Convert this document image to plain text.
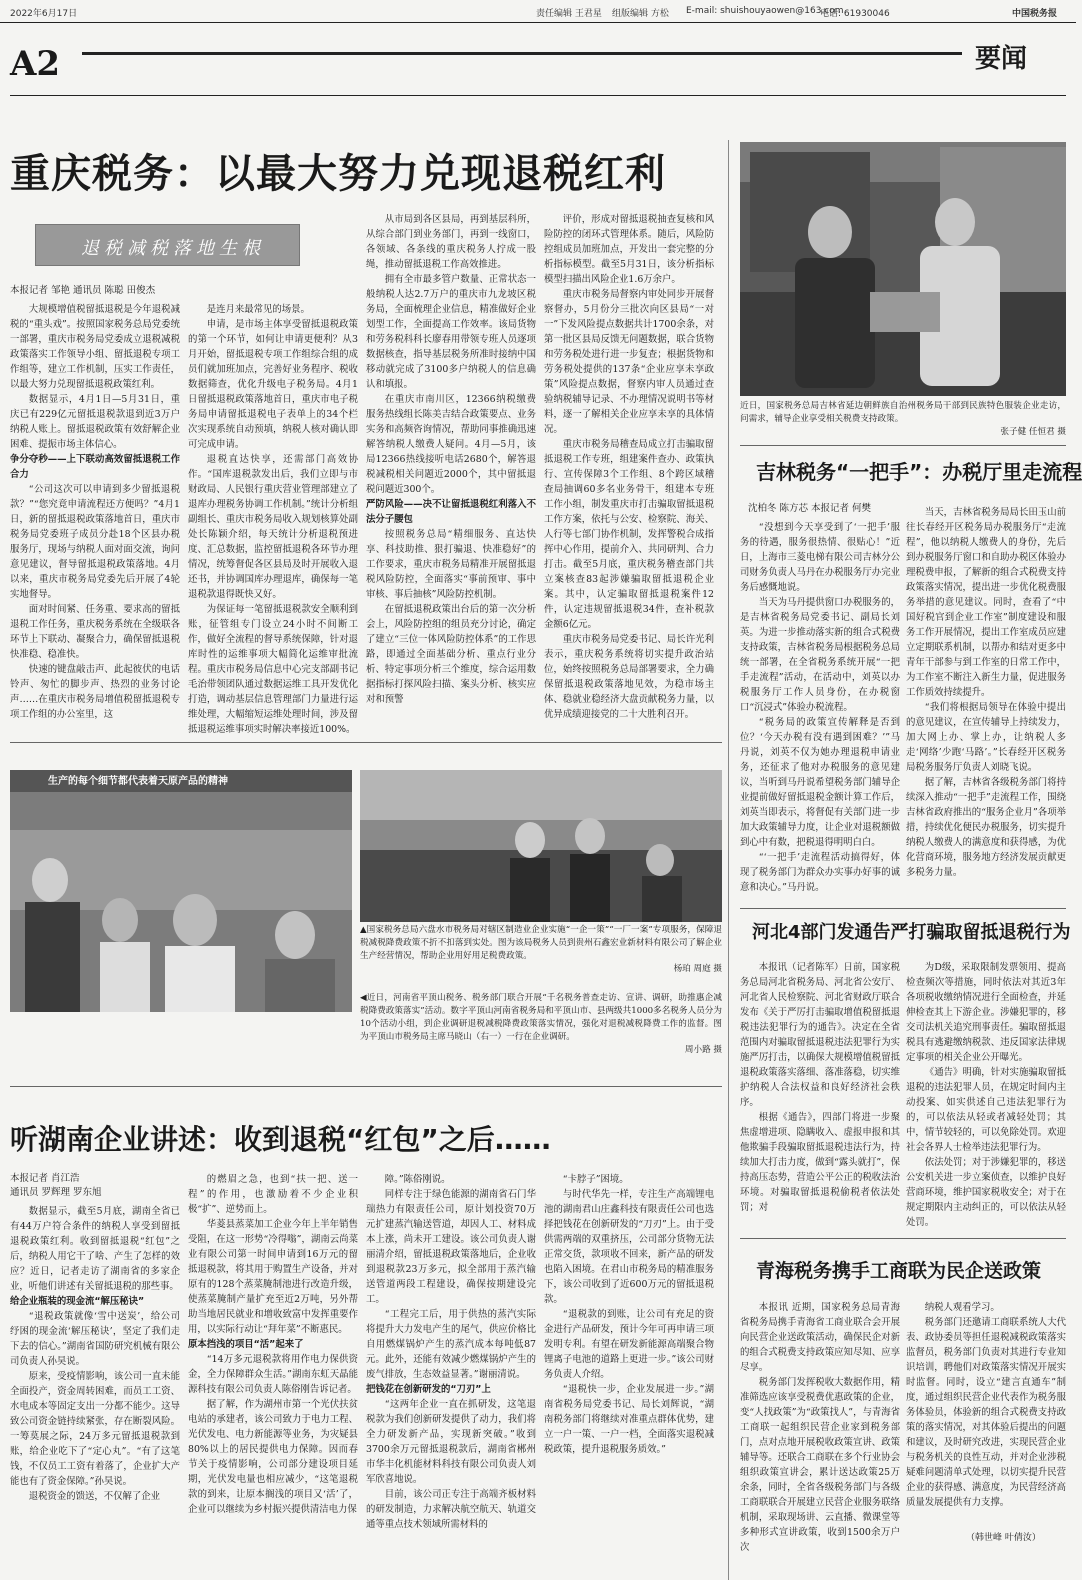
2022年6月17日	责任编辑 王君星 组版编辑 方松 E-mail: shuishouyaowen@163.com
电话: 61930046	中国税务报
A2	要闻
重庆税务：以最大努力兑现退税红利
退税减税落地生根
本报记者 邹艳 通讯员 陈聪 田俊杰

大规模增值税留抵退税是今年退税减税的“重头戏”。按照国家税务总局党委统一部署，重庆市税务局党委成立退税减税政策落实工作领导小组、留抵退税专项工作组等，建立工作机制，压实工作责任，以最大努力兑现留抵退税政策红利。

数据显示，4月1日—5月31日，重庆已有229亿元留抵退税款退到近3万户纳税人账上。留抵退税政策有效舒解企业困难、提振市场主体信心。

争分夺秒——上下联动高效留抵退税工作合力

“公司这次可以申请到多少留抵退税款？”“您究竟申请流程还方便吗？”4月1日，新的留抵退税政策落地首日，重庆市税务局党委班子成员分赴18个区县办税服务厅，现场与纳税人面对面交流，询问意见建议，督导留抵退税政策落地。4月以来，重庆市税务局党委先后开展了4轮实地督导。

面对时间紧、任务重、要求高的留抵退税工作任务，重庆税务系统在全级联各环节上下联动、凝聚合力，确保留抵退税快准稳、稳准快。

快速的键盘敲击声、此起彼伏的电话铃声、匆忙的脚步声、热烈的业务讨论声……在重庆市税务局增值税留抵退税专项工作组的办公室里，这

是连月来最常见的场景。

申请，是市场主体享受留抵退税政策的第一个环节，如何让申请更便利？从3月开始，留抵退税专项工作组综合组的成员们就加班加点，完善好业务程序、税收数据筛查，优化升级电子税务局。4月1日留抵退税政策落地首日，重庆市电子税务局申请留抵退税电子表单上的34个栏次实现系统自动预填，纳税人核对确认即可完成申请。

退税直达快享，还需部门高效协作。“国库退税款发出后，我们立即与市财政局、人民银行重庆营业管理部建立了退库办理税务协调工作机制。”统计分析组副组长、重庆市税务局收入规划核算处副处长陈颖介绍，每天统计分析退税预进度、汇总数据，监控留抵退税各环节办理情况，统筹督促各区县局及时开展收入退还书，并协调国库办理退库，确保每一笔退税款退得既快又好。

为保证每一笔留抵退税款安全顺利到账，征管组专门设立24小时不间断工作，做好全流程的督导系统保障，针对退库时性的运维事项大幅简化运维审批流程。重庆市税务局信息中心完支部副书记毛治带领团队通过数据运维工具开发优化打造，调动基层信息管理部门力量进行运维处理，大幅缩短运维处理时间，涉及留抵退税运维事项实时解决率接近100%。

从市局到各区县局，再到基层科所，从综合部门到业务部门，再到一线窗口，各领域、各条线的重庆税务人拧成一股绳，推动留抵退税工作高效推进。

拥有全市最多管户数量、正常状态一般纳税人达2.7万户的重庆市九龙坡区税务局，全面梳理企业信息，精准做好企业划型工作，全面提高工作效率。该局货物和劳务税科科长廖春用带领专班人员逐项数据核查，指导基层税务所准时接纳中国移动就完成了3100多户纳税人的信息确认和填报。

在重庆市南川区，12366纳税缴费服务热线组长陈美吉结合政策要点、业务实务和高频咨询情况，帮助同事推确迅速解答纳税人缴费人疑问。4月—5月，该局12366热线接听电话2680个，解答退税减税相关问题近2000个，其中留抵退税问题近300个。

严防风险——决不让留抵退税红利落入不法分子腰包

按照税务总局“精细服务、直达快享、科技助推、狠打骗退、快准稳好”的工作要求，重庆市税务局精准开展留抵退税风险防控，全面落实“事前预审、事中审核、事后抽核”风险防控机制。

在留抵退税政策出台后的第一次分析会上，风险防控组的组员充分讨论，确定了建立“三位一体风险防控体系”的工作思路，即通过全面基础分析、重点行业分析、特定事项分析三个维度，综合运用数据指标打探风险扫描、案头分析、核实应对和预警

评价，形成对留抵退税抽查复核和风险防控的闭环式管理体系。随后，风险防控组成员加班加点，开发出一套完整的分析指标模型。截至5月31日，该分析指标模型扫描出风险企业1.6万余户。

重庆市税务局督察内审处同步开展督察督办，5月份分三批次向区县局“一对一”下发风险提点数据共计1700余条，对第一批区县局反馈无问题数据，联合货物和劳务税处进行进一步复查；根据货物和劳务税处提供的137条“企业应享未享政策”风险提点数据，督察内审人员通过查验纳税辅导记录、不办理情况说明书等材料，逐一了解相关企业应享未享的具体情况。

重庆市税务局稽查局成立打击骗取留抵退税工作专班，组建案件查办、政策执行、宣传保障3个工作组、8个跨区域稽查局抽调60多名业务骨干，组建本专班工作小组，制发重庆市打击骗取留抵退税工作方案，依托与公安、检察院、海关、人行等七部门协作机制，发挥警税合成指挥中心作用，提前介入、共同研判、合力打击。截至5月底，重庆税务稽查部门共立案核查83起涉嫌骗取留抵退税企业案。其中，认定骗取留抵退税案件12件，认定违规留抵退税34件，查补税款金额6亿元。

重庆市税务局党委书记、局长许光利表示，重庆税务系统将切实提升政治站位，始终按照税务总局部署要求，全力确保留抵退税政策落地见效，为稳市场主体、稳就业稳经济大盘贡献税务力量，以优异成绩迎接党的二十大胜利召开。

近日，国家税务总局吉林省延边朝鲜族自治州税务局干部到民族特色服装企业走访，问需求，辅导企业享受相关税费支持政策。
张子健 任恒君 摄
吉林税务“一把手”：办税厅里走流程
沈柏冬 陈方芯 本报记者 何樊

“没想到今天享受到了‘一把手’服务的待遇，服务很热情、很贴心！”近日，上海市三菱电梯有限公司吉林分公司财务负责人马丹在办税服务厅办完业务后感慨地说。

当天为马丹提供窗口办税服务的，是吉林省税务局党委书记、副局长刘英。为进一步推动落实新的组合式税费支持政策，吉林省税务局根据税务总局统一部署，在全省税务系统开展“一把手走流程”活动，在活动中，刘英以办税服务厅工作人员身份，在办税窗口“沉浸式”体验办税流程。

“税务局的政策宣传解释是否到位？‘今天办税有没有遇到困难？’”马丹说，刘英不仅为她办理退税申请业务，还征求了他对办税服务的意见建议，当听到马丹说希望税务部门辅导企业提前做好留抵退税金额计算工作后，刘英当即表示，将督促有关部门进一步加大政策辅导力度，让企业对退税额做到心中有数，把税退得明明白白。

“‘一把手’走流程活动搞得好，体现了税务部门为群众办实事办好事的诚意和决心。”马丹说。

当天，吉林省税务局局长田玉山前往长春经开区税务局办税服务厅“走流程”，他以纳税人缴费人的身份，先后到办税服务厅窗口和自助办税区体验办理税费申报，了解新的组合式税费支持政策落实情况，提出进一步优化税费服务举措的意见建议。同时，查看了“中国好税官到企业工作室”制度建设和服务工作开展情况，提出工作室成员应建立定期联系机制，以帮办和结对更多中青年干部参与到工作室的日常工作中，为工作室不断注入新生力量，促进服务工作质效持续提升。

“我们将根据局领导在体验中提出的意见建议，在宣传辅导上持续发力，加大网上办、掌上办，让纳税人多走‘网络’少跑‘马路’。”长春经开区税务局税务服务厅负责人刘晓飞说。

据了解，吉林省各级税务部门将持续深入推动“一把手”走流程工作，围绕吉林省政府推出的“服务企业月”各项举措，持续优化便民办税服务，切实提升纳税人缴费人的满意度和获得感，为优化营商环境，服务地方经济发展贡献更多税务力量。

河北4部门发通告严打骗取留抵退税行为

本报讯（记者陈军）日前，国家税务总局河北省税务局、河北省公安厅、河北省人民检察院、河北省财政厅联合发布《关于严厉打击骗取增值税留抵退税违法犯罪行为的通告》。决定在全省范围内对骗取留抵退税违法犯罪行为实施严厉打击，以确保大规模增值税留抵退税政策落实落细、落准落稳，切实维护纳税人合法权益和良好经济社会秩序。

根据《通告》，四部门将进一步聚焦虚增进项、隐瞒收入、虚报申报和其他欺骗手段骗取留抵退税违法行为，持续加大打击力度，做到“露头就打”，保持高压态势，营造公平公正的税收法治环境。对骗取留抵退税偷税者依法处罚；对

为D级，采取限制发票领用、提高检查频次等措施，同时依法对其近3年各项税收缴纳情况进行全面检查，并延伸检查其上下游企业。涉嫌犯罪的，移交司法机关追究刑事责任。骗取留抵退税具有逃避缴纳税款、违反国家法律规定事项的相关企业公开曝光。

《通告》明确，针对实施骗取留抵退税的违法犯罪人员，在规定时间内主动投案、如实供述自己违法犯罪行为的，可以依法从轻或者减轻处罚；其中，情节较轻的，可以免除处罚。欢迎社会各界人士检举违法犯罪行为。

依法处罚；对于涉嫌犯罪的，移送公安机关进一步立案侦查，以维护良好营商环境，维护国家税收安全；对于在规定期限内主动纠正的，可以依法从轻处罚。

青海税务携手工商联为民企送政策

本报讯 近期，国家税务总局青海省税务局携手青海省工商业联合会开展向民营企业送政策活动，确保民企对新的组合式税费支持政策应知尽知、应享尽享。

税务部门发挥税收大数据作用，精准筛选应该享受税费优惠政策的企业，变“人找政策”为“政策找人”，与青海省工商联一起组织民营企业家到税务部门，点对点地开展税收政策宣讲、政策辅导等。还联合工商联在多个行业协会组织政策宣讲会，累计送达政策25万余条，同时，全省各级税务部门与各级工商联联合开展建立民营企业服务联络机制，采取现场讲、云直播、微课堂等多种形式宣讲政策，收到1500余万户次

纳税人观看学习。

税务部门还邀请工商联系统人大代表、政协委员等担任退税减税政策落实监督员，税务部门负责对其进行专业知识培训，聘他们对政策落实情况开展实时监督。同时，设立“建言直通车”制度，通过组织民营企业代表作为税务服务体验员，体验新的组合式税费支持政策的落实情况，对其体验后提出的问题和建议，及时研究改进，实现民营企业与税务机关的良性互动，并对企业涉税疑难问题清单式处理，以切实提升民营企业的获得感、满意度，为民营经济高质量发展提供有力支撑。

（韩世峰 叶倩汝）
生产的每个细节都代表着天原产品的精神
▲国家税务总局六盘水市税务局对辖区制造业企业实施“一企一策”“一厂一案”专项服务，保障退税减税降费政策不折不扣落到实处。图为该局税务人员到贵州石鑫宏业新材料有限公司了解企业生产经营情况，帮助企业用好用足税费政策。
杨珀 周庭 摄
◀近日，河南省平顶山税务、税务部门联合开展“千名税务普查走访、宣讲、调研，助推惠企减税降费政策落实”活动。数字平顶山河南省税务局和平顶山市、县两级共1000多名税务人员分为10个活动小组，到企业调研退税减税降费政策落实情况，强化对退税减税降费工作的监督。图为平顶山市税务局主席马晓山（右一）一行在企业调研。
周小路 摄
听湖南企业讲述：收到退税“红包”之后……
本报记者 肖江浩
通讯员 罗辉理 罗东旭

数据显示，截至5月底，湖南全省已有44万户符合条件的纳税人享受到留抵退税政策红利。收到留抵退税“红包”之后，纳税人用它干了啥、产生了怎样的效应？近日，记者走访了湖南省的多家企业，听他们讲述有关留抵退税的那些事。

给企业瓶装的现金流“解压秘诀”

“退税政策就像‘雪中送炭’，给公司纾困的现金流‘解压秘诀’，坚定了我们走下去的信心。”湖南省国防研究机械有限公司负责人孙昊说。

原来，受疫情影响，该公司一直未能全面投产，资金周转困难，而员工工资、水电成本等固定支出一分都不能少。这导致公司资金链持续紧张，存在断裂风险。一筹莫展之际，24万多元留抵退税款到账，给企业吃下了“定心丸”。“有了这笔钱，不仅员工工资有着落了，企业扩大产能也有了资金保障。”孙昊说。

退税资金的馈送，不仅解了企业

的燃眉之急，也到“扶一把、送一程”的作用，也激励着不少企业积极“扩”、逆势而上。

华菱县蒸菜加工企业今年上半年销售受阻，在这一形势“冷得嗡”，湖南云尚菜业有限公司第一时间申请到16万元的留抵退税款，将其用于购置生产设备，并对原有的128个蒸菜腌制池进行改造升级，使蒸菜腌制产量扩充至近2万吨，另外帮助当地居民就业和增收致富中发挥重要作用，以实际行动让“拜年菜”不断惠民。

原本挡浅的项目“活”起来了

“14万多元退税款将用作电力保供资金，全力保障群众生活。”湖南东虹天晶能源科技有限公司负责人陈俗刚告诉记者。

据了解，作为湖州市第一个光伏扶贫电站的承建者，该公司致力于电力工程、光伏发电、电力新能源等业务，为灾疑县80%以上的居民提供电力保障。因而春节关于疫情影响，公司部分建设项目延期，光伏发电量也相应减少，“这笔退税款的到来，让原本搁浅的项目又‘活’了，企业可以继续为乡村振兴提供清洁电力保

障。”陈俗刚说。

同样专注于绿色能源的湖南省石门华瑞热力有限责任公司，原计划投资70万元扩建蒸汽输送管道，却因人工、材料成本上涨，尚未开工建设。该公司负责人谢丽清介绍，留抵退税政策落地后，企业收到退税款23万多元，拟全部用于蒸汽输送管道两段工程建设，确保按期建设完工。

“工程完工后，用于供热的蒸汽实际将提升大力发电产生的尾气，供应价格比自用燃煤锅炉产生的蒸汽成本每吨低87元。此外，还能有效减少燃煤锅炉产生的废气排放，生态效益显著。”谢丽清说。

把钱花在创新研发的“刀刃”上

“这两年企业一直在抓研发，这笔退税款为我们创新研发提供了动力，我们将全力研发新产品，实现新突破。”收到3700余万元留抵退税款后，湖南省郴州市华丰化机能材料科技有限公司负责人刘军欣喜地说。

目前，该公司正专注于高端齐板材料的研发制造，力求解决航空航天、轨道交通等重点技术领域所需材料的

“卡脖子”困境。

与时代华先一样，专注生产高端锂电池的湖南君山庄鑫科技有限责任公司也选择把钱花在创新研发的“刀刃”上。由于受供需两端的双重挤压，公司部分货物无法正常交货，款项收不回来，新产品的研发也陷入困境。在君山市税务局的精准服务下，该公司收到了近600万元的留抵退税款。

“退税款的到账，让公司有充足的资金进行产品研发，预计今年可再申请三项发明专利。有望在研发新能源高端聚合物锂离子电池的道路上更进一步。”该公司财务负责人介绍。

“退税快一步，企业发展进一步。”湖南省税务局党委书记、局长刘辉说，“湖南税务部门将继续对准重点群体优势，建立一户一策、一户一档，全面落实退税减税政策，提升退税服务质效。”
